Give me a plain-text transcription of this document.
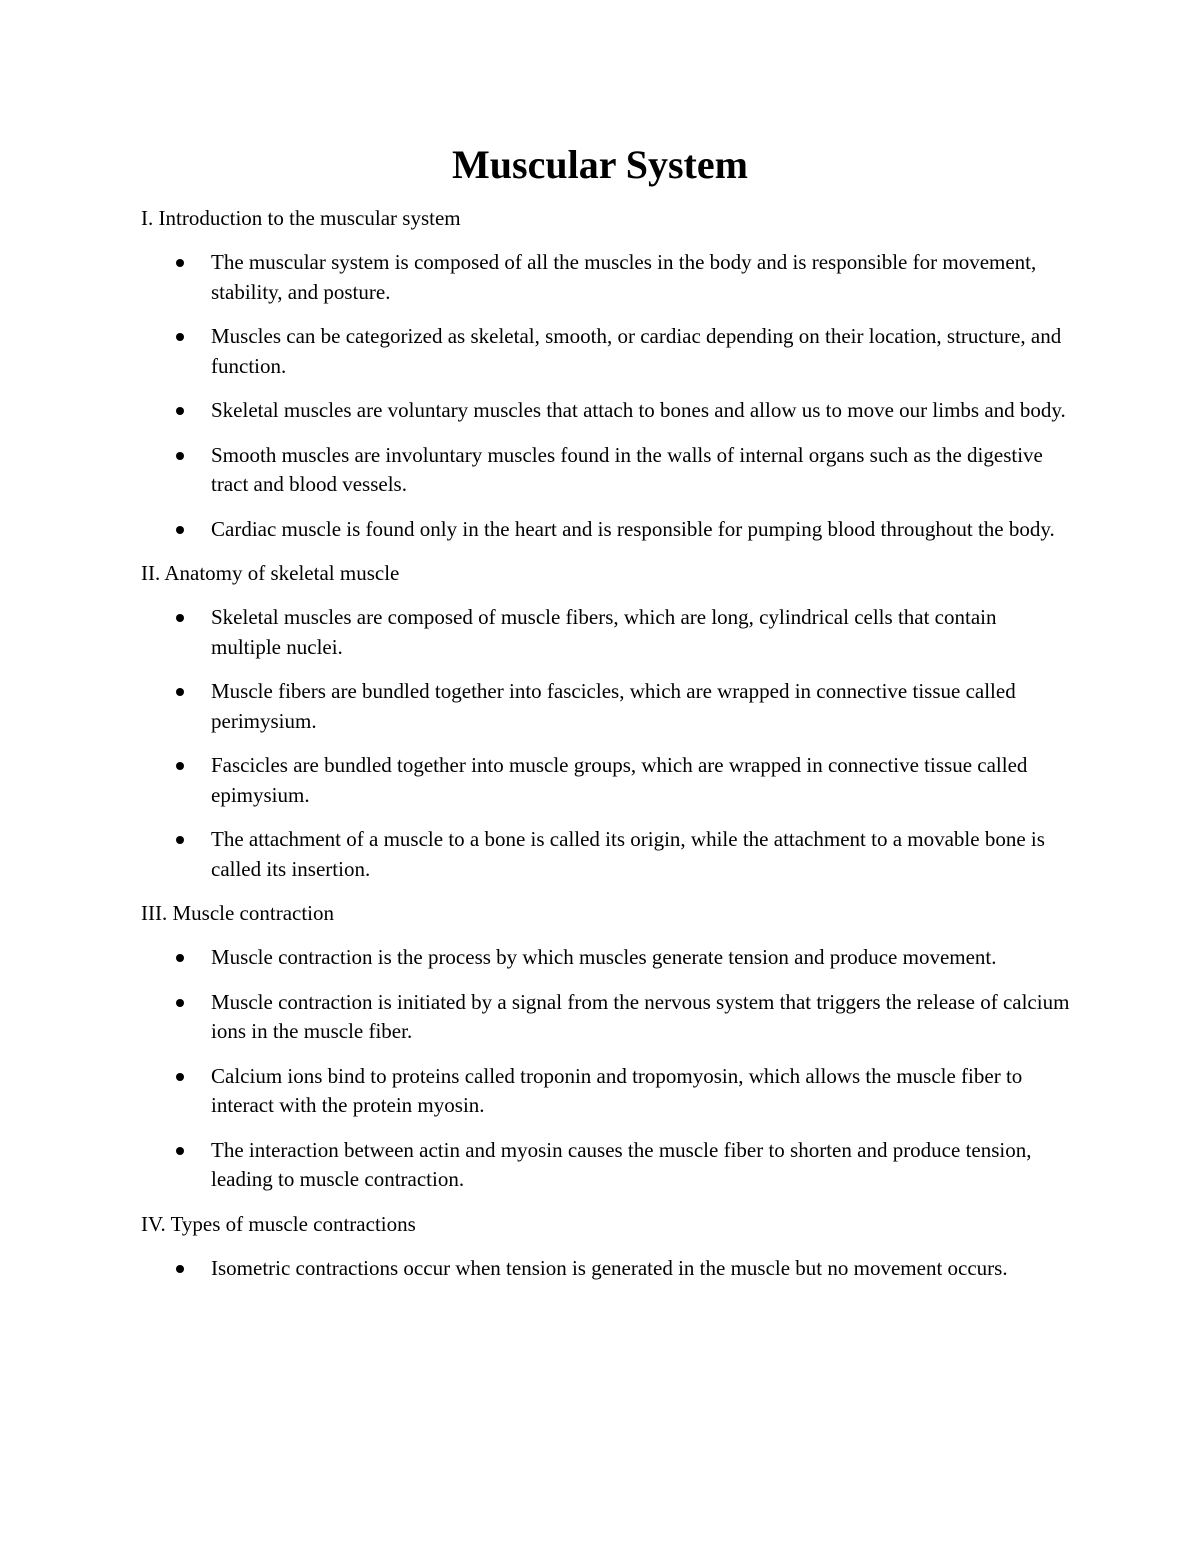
Muscular System

I. Introduction to the muscular system

The muscular system is composed of all the muscles in the body and is responsible for movement, stability, and posture.
Muscles can be categorized as skeletal, smooth, or cardiac depending on their location, structure, and function.
Skeletal muscles are voluntary muscles that attach to bones and allow us to move our limbs and body.
Smooth muscles are involuntary muscles found in the walls of internal organs such as the digestive tract and blood vessels.
Cardiac muscle is found only in the heart and is responsible for pumping blood throughout the body.

II. Anatomy of skeletal muscle

Skeletal muscles are composed of muscle fibers, which are long, cylindrical cells that contain multiple nuclei.
Muscle fibers are bundled together into fascicles, which are wrapped in connective tissue called perimysium.
Fascicles are bundled together into muscle groups, which are wrapped in connective tissue called epimysium.
The attachment of a muscle to a bone is called its origin, while the attachment to a movable bone is called its insertion.

III. Muscle contraction

Muscle contraction is the process by which muscles generate tension and produce movement.
Muscle contraction is initiated by a signal from the nervous system that triggers the release of calcium ions in the muscle fiber.
Calcium ions bind to proteins called troponin and tropomyosin, which allows the muscle fiber to interact with the protein myosin.
The interaction between actin and myosin causes the muscle fiber to shorten and produce tension, leading to muscle contraction.

IV. Types of muscle contractions

Isometric contractions occur when tension is generated in the muscle but no movement occurs.
